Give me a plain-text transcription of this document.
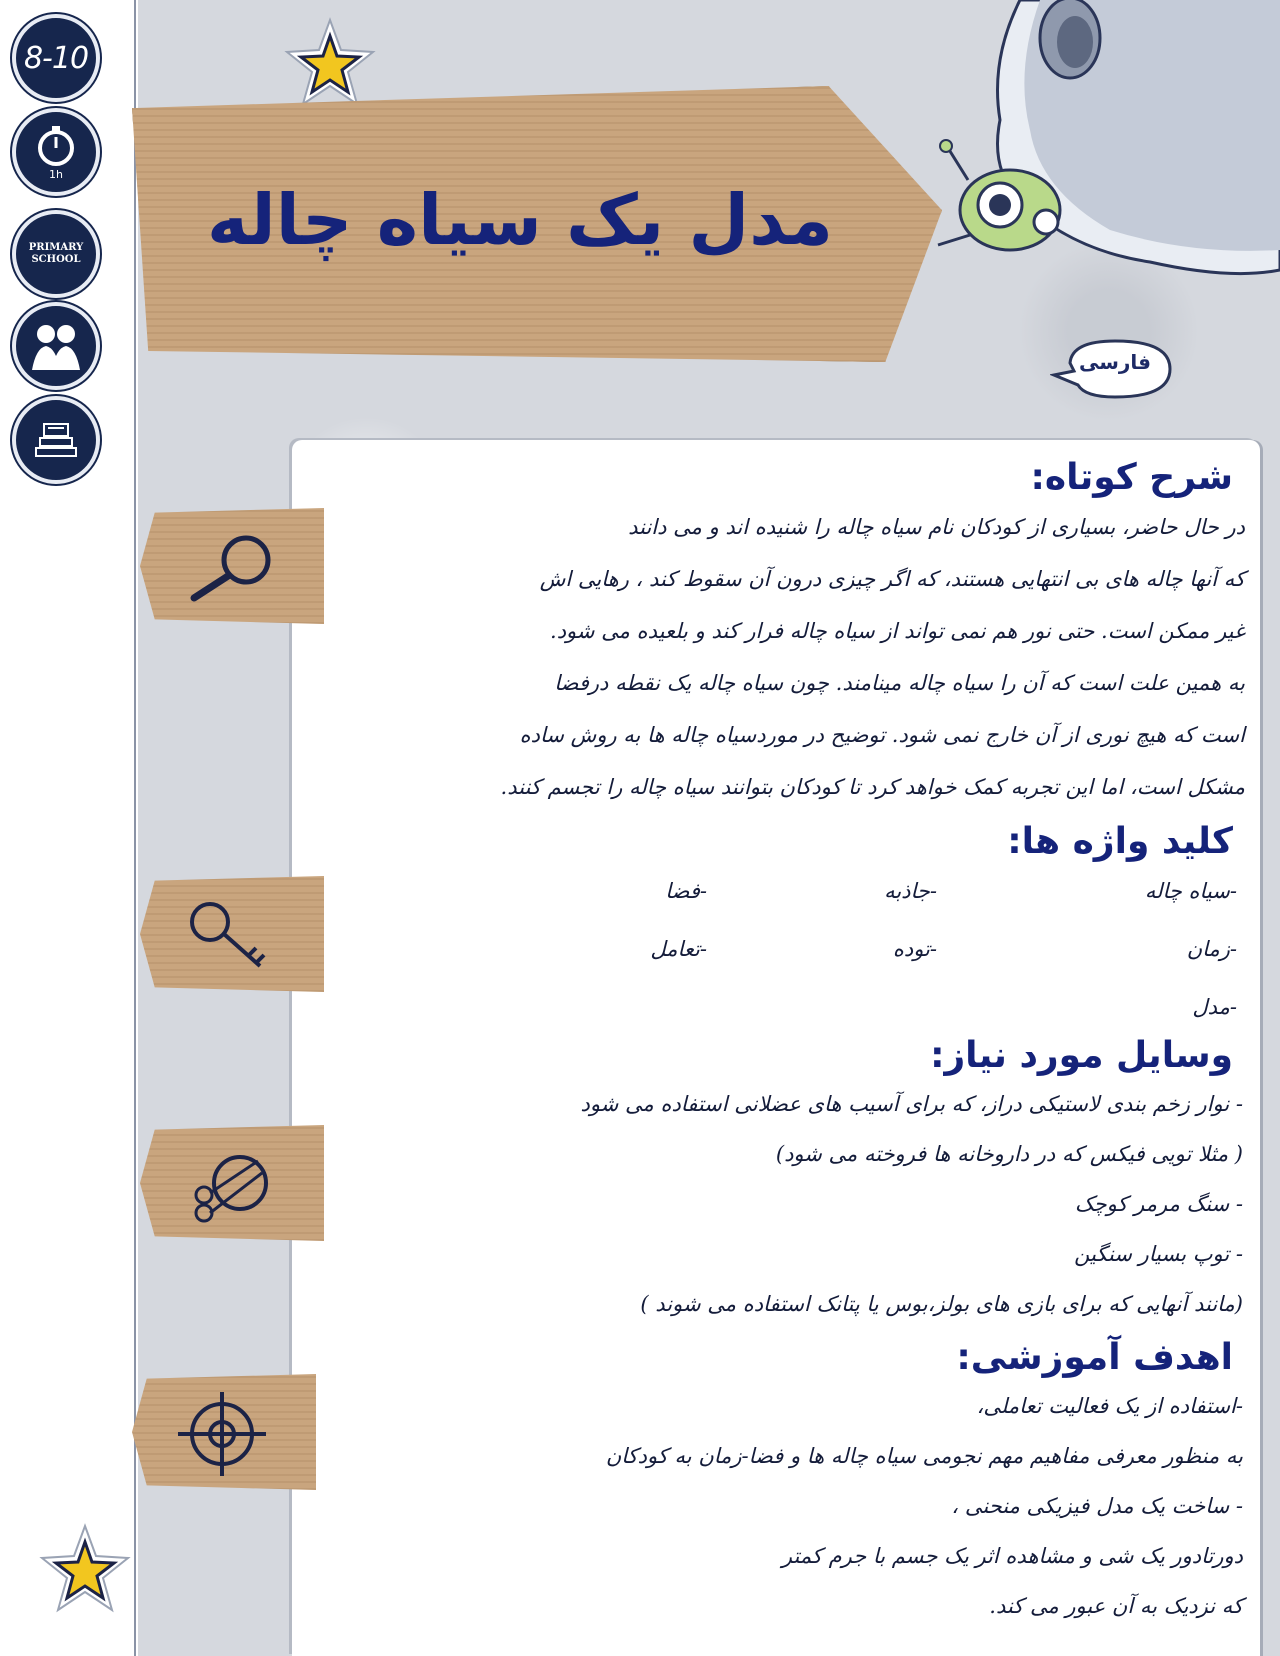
8-10
1h
PRIMARY SCHOOL	مدل یک سیاه چاله
فارسی
شرح کوتاه:
در حال حاضر، بسیاری از کودکان نام سیاه چاله را شنیده اند و می دانند
که آنها چاله های بی انتهایی هستند، که اگر چیزی درون آن سقوط کند ، رهایی اش
غیر ممکن است. حتی نور هم نمی تواند از سیاه چاله فرار کند و بلعیده می شود.
به همین علت است که آن را سیاه چاله مینامند. چون سیاه چاله یک نقطه درفضا
است که هیچ نوری از آن خارج نمی شود. توضیح در موردسیاه چاله ها به روش ساده
مشکل است، اما این تجربه کمک خواهد کرد تا کودکان بتوانند سیاه چاله را تجسم کنند.
کلید واژه ها:
-سیاه چاله
-جاذبه
-فضا
-زمان
-توده
-تعامل
-مدل
وسایل مورد نیاز:
- نوار زخم بندی لاستیکی دراز، که برای آسیب های عضلانی استفاده می شود
( مثلا تویی فیکس که در داروخانه ها فروخته می شود)
- سنگ مرمر کوچک
- توپ بسیار سنگین
(مانند آنهایی که برای بازی های بولز،بوس یا پتانک استفاده می شوند )
اهدف آموزشی:
-استفاده از یک فعالیت تعاملی،
به منظور معرفی مفاهیم مهم نجومی سیاه چاله ها و فضا-زمان به کودکان
- ساخت یک مدل فیزیکی منحنی ،
دورتادور یک شی و مشاهده اثر یک جسم با جرم کمتر
که نزدیک به آن عبور می کند.
